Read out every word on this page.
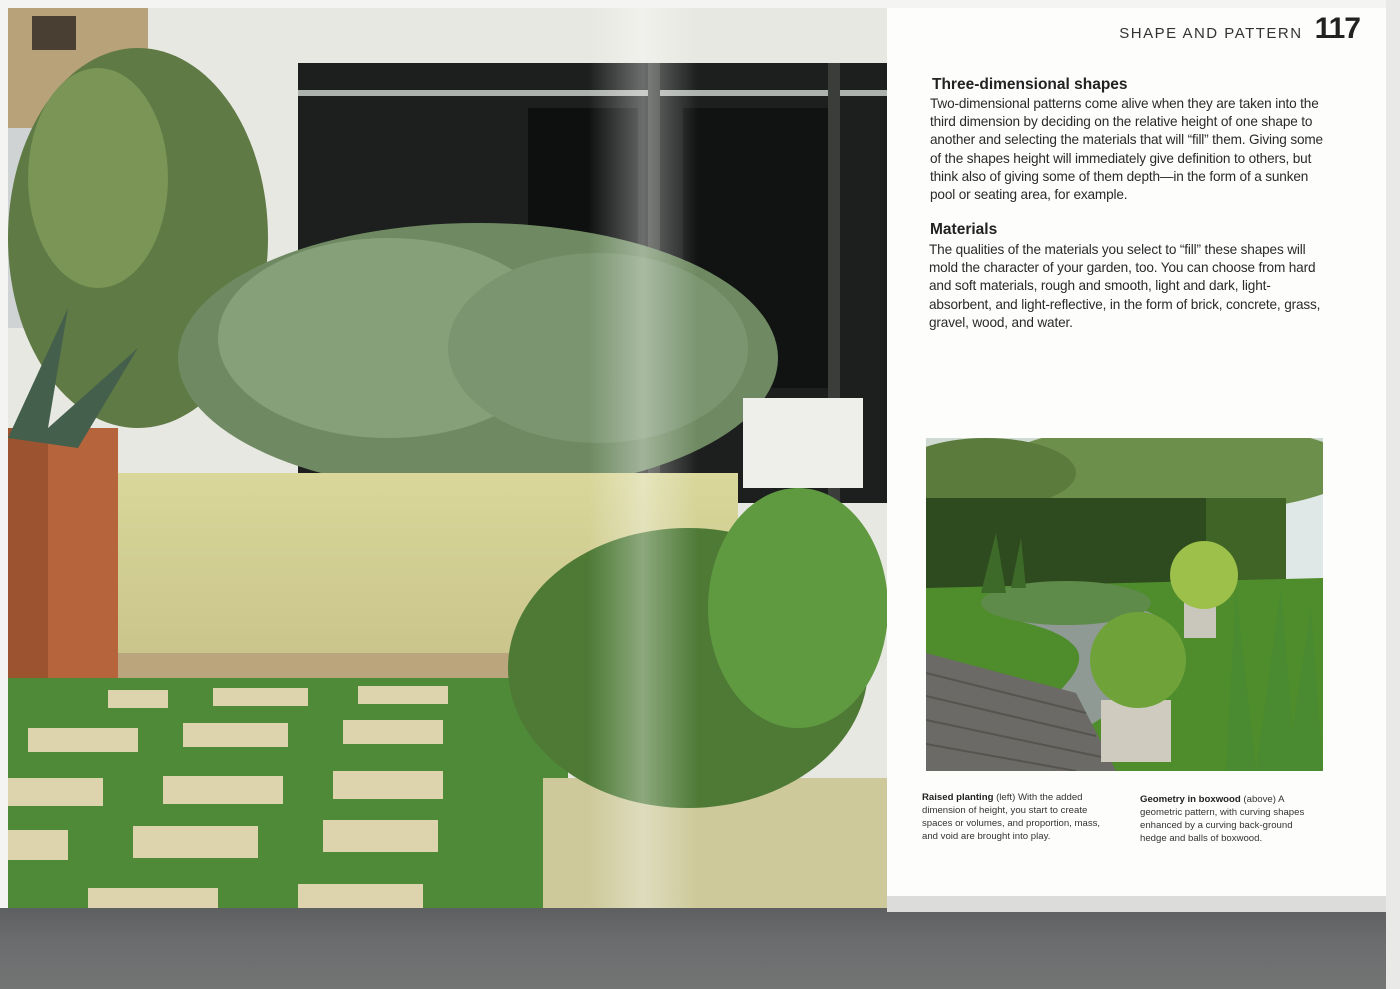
SHAPE AND PATTERN 117
Three-dimensional shapes
Two-dimensional patterns come alive when they are taken into the third dimension by deciding on the relative height of one shape to another and selecting the materials that will “fill” them. Giving some of the shapes height will immediately give definition to others, but think also of giving some of them depth—in the form of a sunken pool or seating area, for example.
Materials
The qualities of the materials you select to “fill” these shapes will mold the character of your garden, too. You can choose from hard and soft materials, rough and smooth, light and dark, light-absorbent, and light-reflective, in the form of brick, concrete, grass, gravel, wood, and water.
Raised planting (left) With the added dimension of height, you start to create spaces or volumes, and proportion, mass, and void are brought into play.
Geometry in boxwood (above) A geometric pattern, with curving shapes enhanced by a curving back-ground hedge and balls of boxwood.
